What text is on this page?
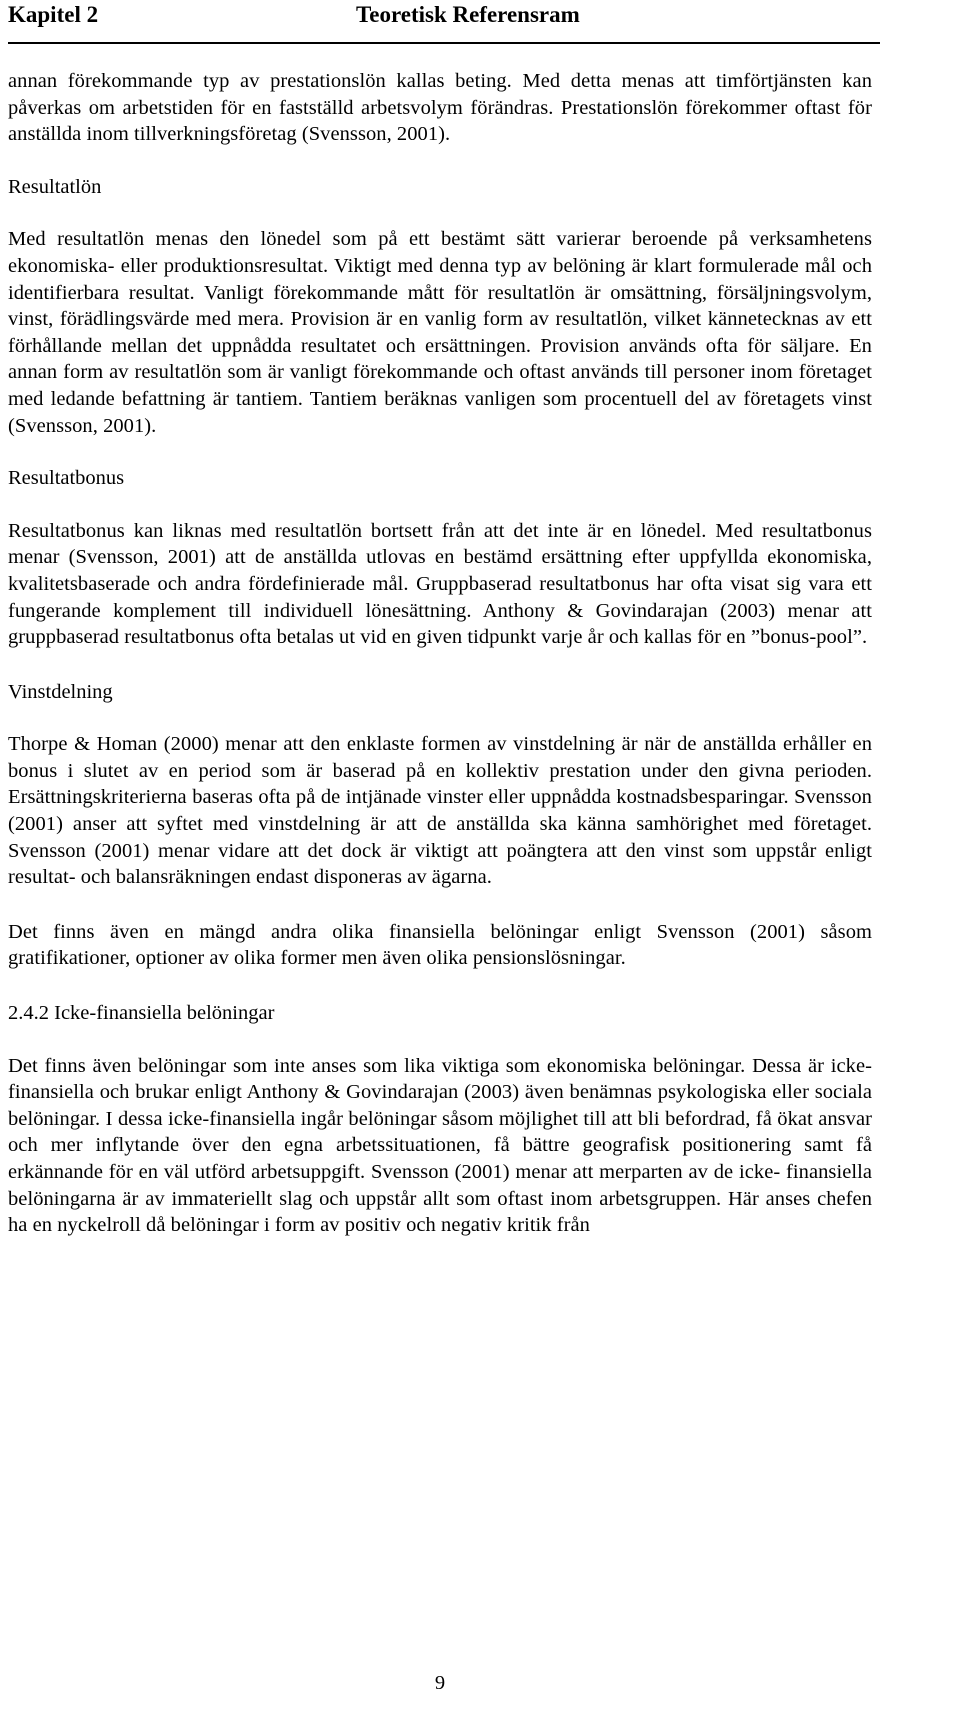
Kapitel 2	Teoretisk Referensram

annan förekommande typ av prestationslön kallas beting. Med detta menas att timförtjänsten kan påverkas om arbetstiden för en fastställd arbetsvolym förändras. Prestationslön förekommer oftast för anställda inom tillverkningsföretag (Svensson, 2001).

Resultatlön

Med resultatlön menas den lönedel som på ett bestämt sätt varierar beroende på verksamhetens ekonomiska- eller produktionsresultat. Viktigt med denna typ av belöning är klart formulerade mål och identifierbara resultat. Vanligt förekommande mått för resultatlön är omsättning, försäljningsvolym, vinst, förädlingsvärde med mera. Provision är en vanlig form av resultatlön, vilket kännetecknas av ett förhållande mellan det uppnådda resultatet och ersättningen. Provision används ofta för säljare. En annan form av resultatlön som är vanligt förekommande och oftast används till personer inom företaget med ledande befattning är tantiem. Tantiem beräknas vanligen som procentuell del av företagets vinst (Svensson, 2001).

Resultatbonus

Resultatbonus kan liknas med resultatlön bortsett från att det inte är en lönedel. Med resultatbonus menar (Svensson, 2001) att de anställda utlovas en bestämd ersättning efter uppfyllda ekonomiska, kvalitetsbaserade och andra fördefinierade mål. Gruppbaserad resultatbonus har ofta visat sig vara ett fungerande komplement till individuell lönesättning. Anthony & Govindarajan (2003) menar att gruppbaserad resultatbonus ofta betalas ut vid en given tidpunkt varje år och kallas för en ”bonus-pool”.

Vinstdelning

Thorpe & Homan (2000) menar att den enklaste formen av vinstdelning är när de anställda erhåller en bonus i slutet av en period som är baserad på en kollektiv prestation under den givna perioden. Ersättningskriterierna baseras ofta på de intjänade vinster eller uppnådda kostnadsbesparingar. Svensson (2001) anser att syftet med vinstdelning är att de anställda ska känna samhörighet med företaget. Svensson (2001) menar vidare att det dock är viktigt att poängtera att den vinst som uppstår enligt resultat- och balansräkningen endast disponeras av ägarna.

Det finns även en mängd andra olika finansiella belöningar enligt Svensson (2001) såsom gratifikationer, optioner av olika former men även olika pensionslösningar.

2.4.2 Icke-finansiella belöningar

Det finns även belöningar som inte anses som lika viktiga som ekonomiska belöningar. Dessa är icke- finansiella och brukar enligt Anthony & Govindarajan (2003) även benämnas psykologiska eller sociala belöningar. I dessa icke-finansiella ingår belöningar såsom möjlighet till att bli befordrad, få ökat ansvar och mer inflytande över den egna arbetssituationen, få bättre geografisk positionering samt få erkännande för en väl utförd arbetsuppgift. Svensson (2001) menar att merparten av de icke- finansiella belöningarna är av immateriellt slag och uppstår allt som oftast inom arbetsgruppen. Här anses chefen ha en nyckelroll då belöningar i form av positiv och negativ kritik från

9
